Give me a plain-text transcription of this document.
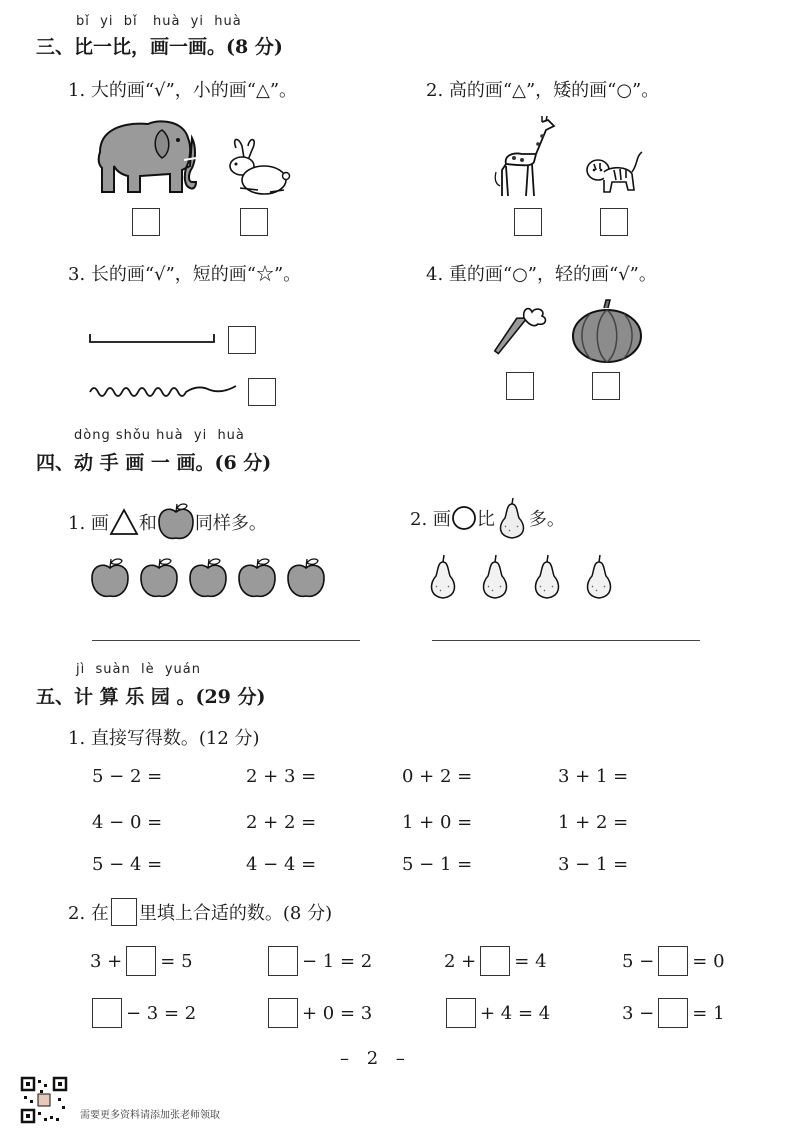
bǐ  yi  bǐ   huà  yi  huà
三、比一比，画一画。(8 分)
1. 大的画“√”，小的画“△”。	2. 高的画“△”，矮的画“○”。
3. 长的画“√”，短的画“☆”。	4. 重的画“○”，轻的画“√”。
dòng shǒu huà  yi  huà
四、动 手 画 一 画。(6 分)
1. 画 和 同样多。	2. 画 比 多。
jì  suàn  lè  yuán
五、计 算 乐 园 。(29 分)
1. 直接写得数。(12 分)
5 − 2 =	2 + 3 =	0 + 2 =	3 + 1 =
4 − 0 =	2 + 2 =	1 + 0 =	1 + 2 =
5 − 4 =	4 − 4 =	5 − 1 =	3 − 1 =
2. 在 里填上合适的数。(8 分)
3 + = 5	− 1 = 2	2 + = 4	5 − = 0
− 3 = 2	+ 0 = 3	+ 4 = 4	3 − = 1
– 2 –
需要更多资料请添加张老师领取
